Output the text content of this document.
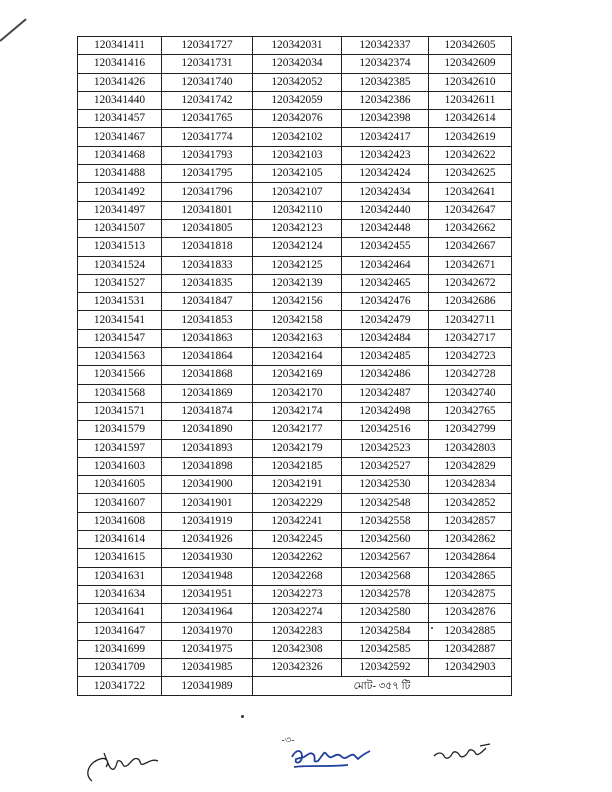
120341411	120341727	120342031	120342337	120342605
120341416	120341731	120342034	120342374	120342609
120341426	120341740	120342052	120342385	120342610
120341440	120341742	120342059	120342386	120342611
120341457	120341765	120342076	120342398	120342614
120341467	120341774	120342102	120342417	120342619
120341468	120341793	120342103	120342423	120342622
120341488	120341795	120342105	120342424	120342625
120341492	120341796	120342107	120342434	120342641
120341497	120341801	120342110	120342440	120342647
120341507	120341805	120342123	120342448	120342662
120341513	120341818	120342124	120342455	120342667
120341524	120341833	120342125	120342464	120342671
120341527	120341835	120342139	120342465	120342672
120341531	120341847	120342156	120342476	120342686
120341541	120341853	120342158	120342479	120342711
120341547	120341863	120342163	120342484	120342717
120341563	120341864	120342164	120342485	120342723
120341566	120341868	120342169	120342486	120342728
120341568	120341869	120342170	120342487	120342740
120341571	120341874	120342174	120342498	120342765
120341579	120341890	120342177	120342516	120342799
120341597	120341893	120342179	120342523	120342803
120341603	120341898	120342185	120342527	120342829
120341605	120341900	120342191	120342530	120342834
120341607	120341901	120342229	120342548	120342852
120341608	120341919	120342241	120342558	120342857
120341614	120341926	120342245	120342560	120342862
120341615	120341930	120342262	120342567	120342864
120341631	120341948	120342268	120342568	120342865
120341634	120341951	120342273	120342578	120342875
120341641	120341964	120342274	120342580	120342876
120341647	120341970	120342283	120342584	120342885
120341699	120341975	120342308	120342585	120342887
120341709	120341985	120342326	120342592	120342903
120341722	120341989	মোট- ৩৫৭ টি		
-৩-
